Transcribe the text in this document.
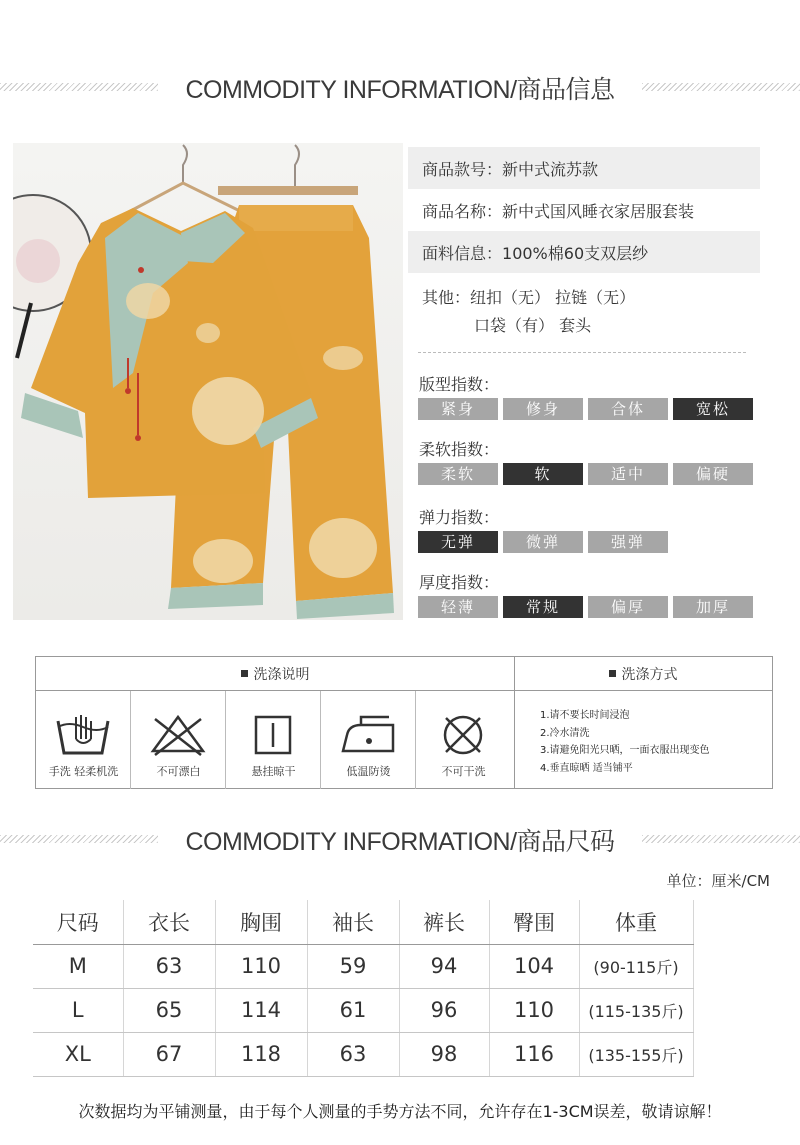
COMMODITY INFORMATION/商品信息
商品款号： 新中式流苏款
商品名称： 新中式国风睡衣家居服套装
面料信息： 100%棉60支双层纱
其他：纽扣（无） 拉链（无）
口袋（有） 套头
版型指数：
紧身	修身	合体	宽松
柔软指数：
柔软	软	适中	偏硬
弹力指数：
无弹	微弹	强弹
厚度指数：
轻薄	常规	偏厚	加厚
洗涤说明	洗涤方式
手洗 轻柔机洗	不可漂白	悬挂晾干	低温防烫	不可干洗
1.请不要长时间浸泡
2.冷水清洗
3.请避免阳光只晒，一面衣服出现变色
4.垂直晾晒 适当铺平
COMMODITY INFORMATION/商品尺码
单位：厘米/CM
尺码	衣长	胸围	袖长	裤长	臀围	体重
M	63	110	59	94	104	(90-115斤)
L	65	114	61	96	110	(115-135斤)
XL	67	118	63	98	116	(135-155斤)
次数据均为平铺测量，由于每个人测量的手势方法不同，允许存在1-3CM误差，敬请谅解！
